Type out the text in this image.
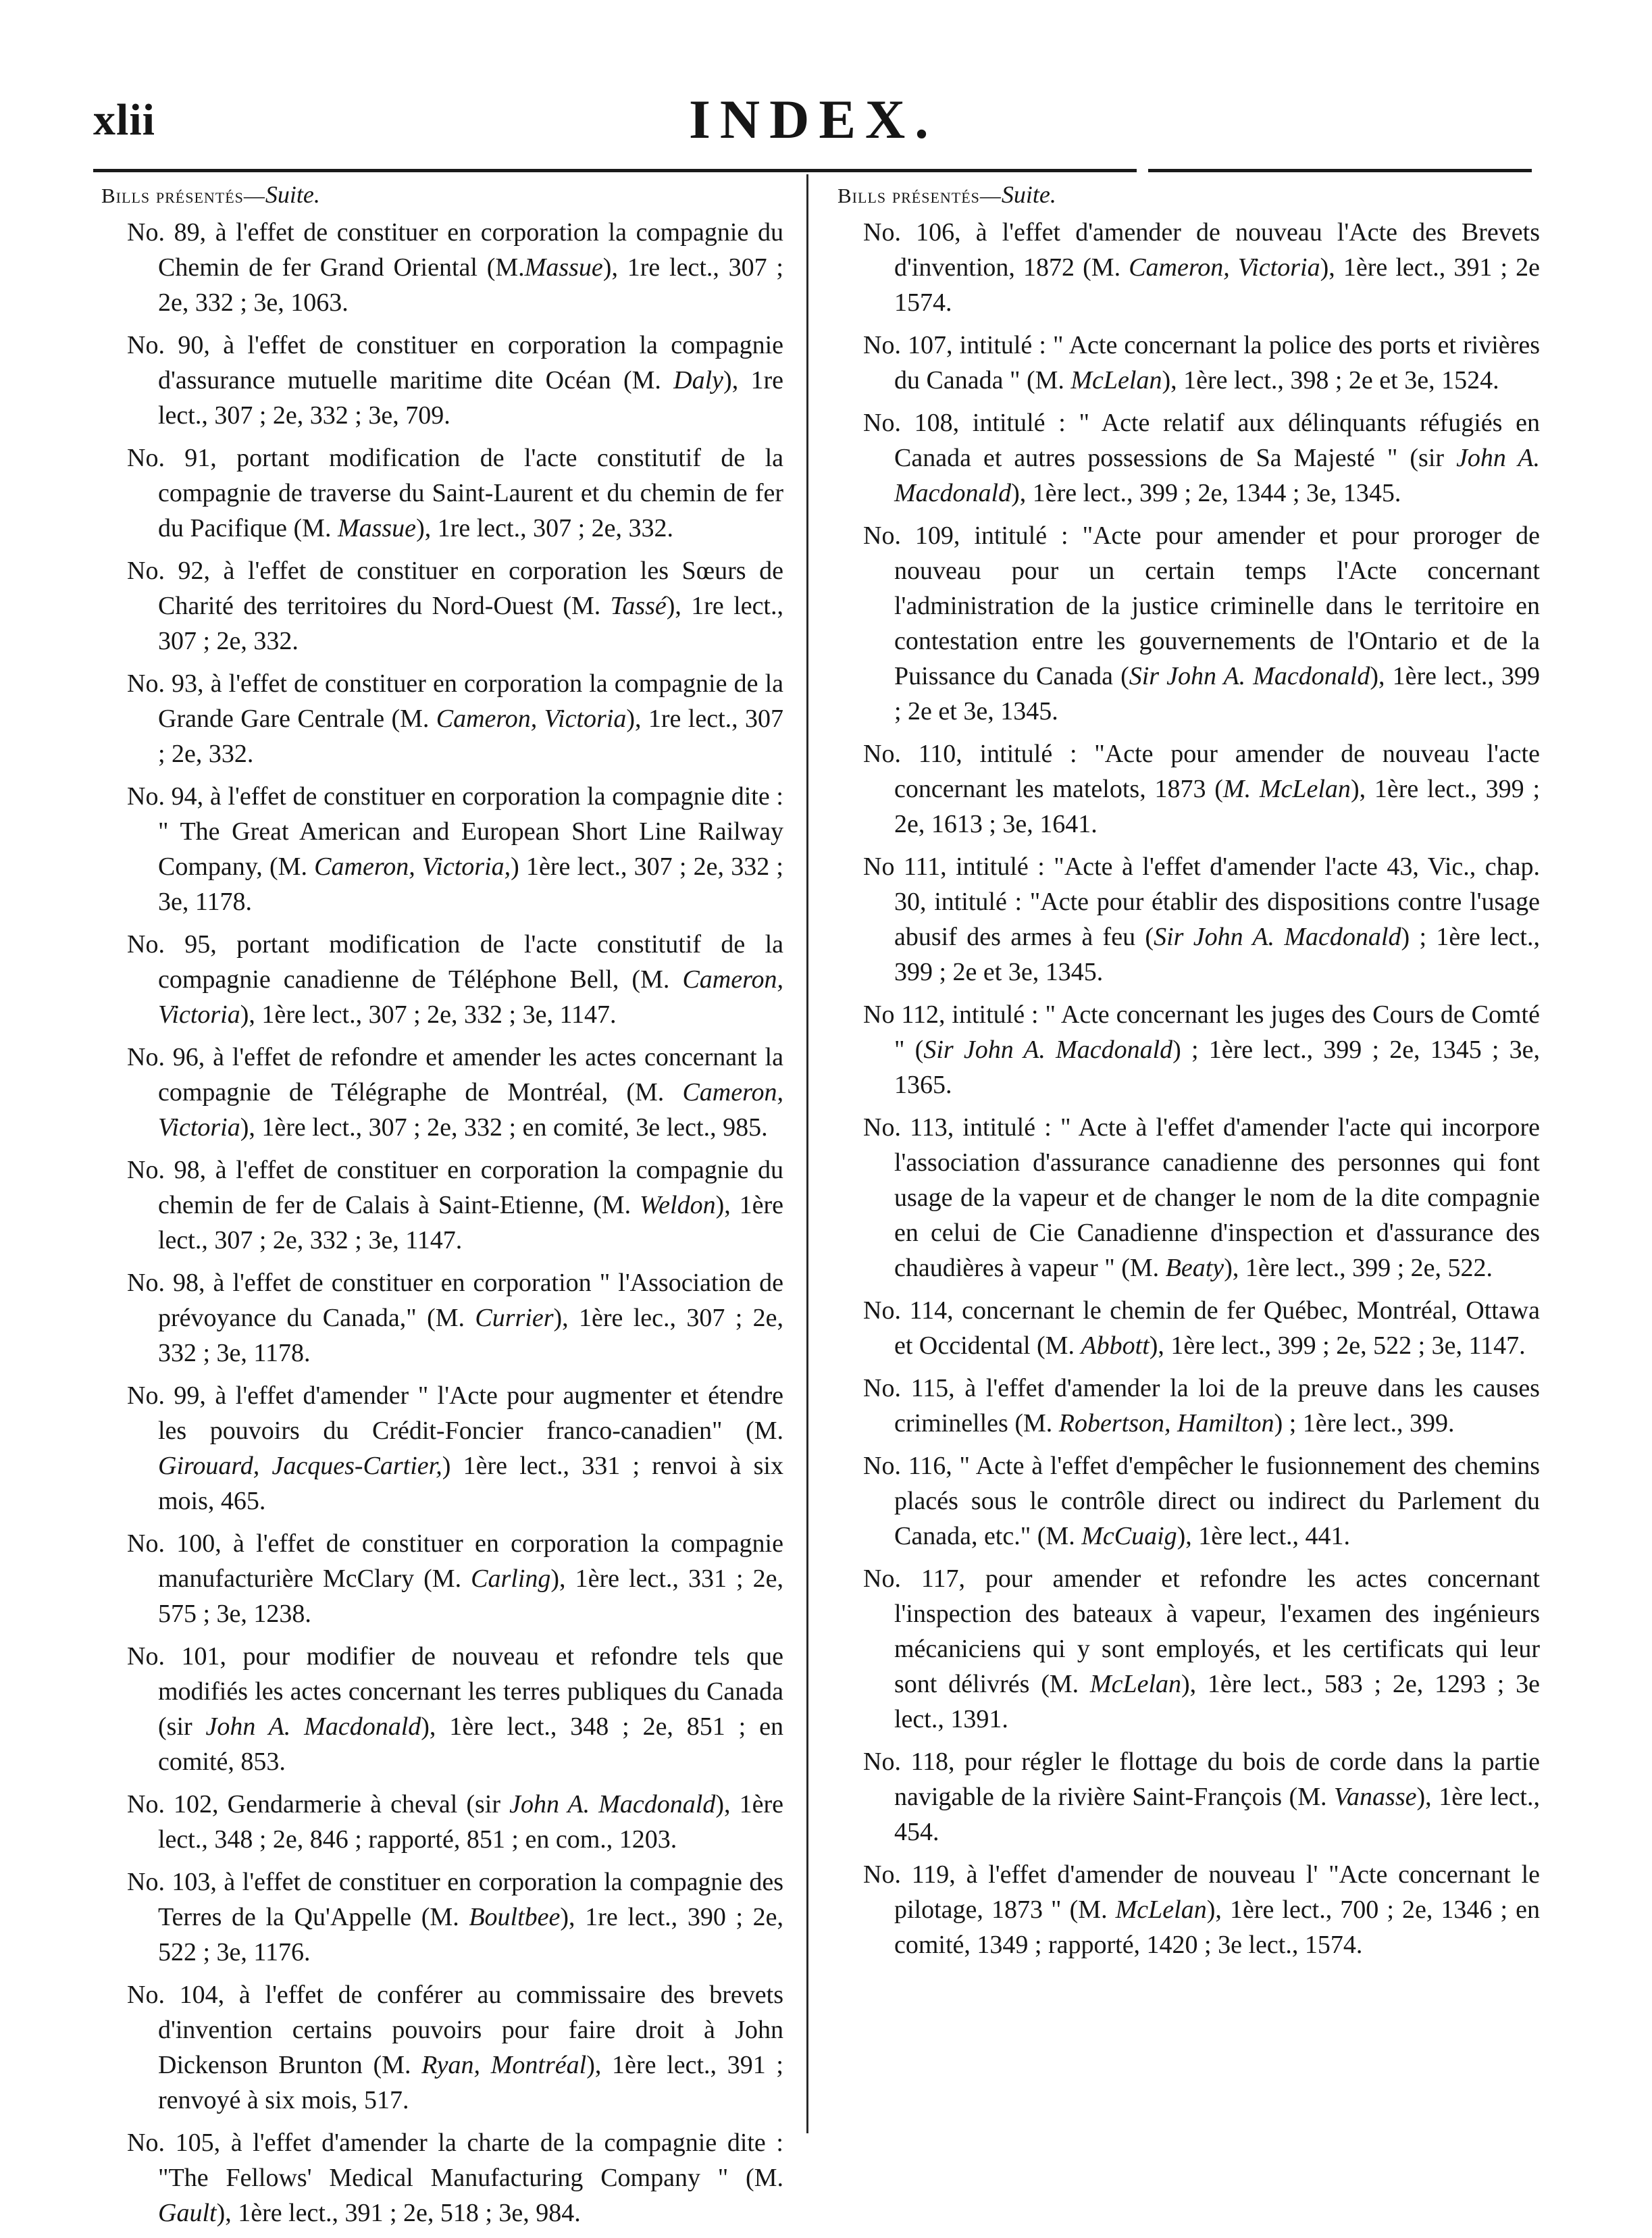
xlii	INDEX.
Bills présentés—Suite.

No. 89, à l'effet de constituer en corporation la compagnie du Chemin de fer Grand Oriental (M.Massue), 1re lect., 307 ; 2e, 332 ; 3e, 1063.

No. 90, à l'effet de constituer en corporation la compagnie d'assurance mutuelle maritime dite Océan (M. Daly), 1re lect., 307 ; 2e, 332 ; 3e, 709.

No. 91, portant modification de l'acte constitutif de la compagnie de traverse du Saint-Laurent et du chemin de fer du Pacifique (M. Massue), 1re lect., 307 ; 2e, 332.

No. 92, à l'effet de constituer en corporation les Sœurs de Charité des territoires du Nord-Ouest (M. Tassé), 1re lect., 307 ; 2e, 332.

No. 93, à l'effet de constituer en corporation la compagnie de la Grande Gare Centrale (M. Cameron, Victoria), 1re lect., 307 ; 2e, 332.

No. 94, à l'effet de constituer en corporation la compagnie dite : " The Great American and European Short Line Railway Company, (M. Cameron, Victoria,) 1ère lect., 307 ; 2e, 332 ; 3e, 1178.

No. 95, portant modification de l'acte constitutif de la compagnie canadienne de Téléphone Bell, (M. Cameron, Victoria), 1ère lect., 307 ; 2e, 332 ; 3e, 1147.

No. 96, à l'effet de refondre et amender les actes concernant la compagnie de Télégraphe de Montréal, (M. Cameron, Victoria), 1ère lect., 307 ; 2e, 332 ; en comité, 3e lect., 985.

No. 98, à l'effet de constituer en corporation la compagnie du chemin de fer de Calais à Saint-Etienne, (M. Weldon), 1ère lect., 307 ; 2e, 332 ; 3e, 1147.

No. 98, à l'effet de constituer en corporation " l'Association de prévoyance du Canada," (M. Currier), 1ère lec., 307 ; 2e, 332 ; 3e, 1178.

No. 99, à l'effet d'amender " l'Acte pour augmenter et étendre les pouvoirs du Crédit-Foncier franco-canadien" (M. Girouard, Jacques-Cartier,) 1ère lect., 331 ; renvoi à six mois, 465.

No. 100, à l'effet de constituer en corporation la compagnie manufacturière McClary (M. Carling), 1ère lect., 331 ; 2e, 575 ; 3e, 1238.

No. 101, pour modifier de nouveau et refondre tels que modifiés les actes concernant les terres publiques du Canada (sir John A. Macdonald), 1ère lect., 348 ; 2e, 851 ; en comité, 853.

No. 102, Gendarmerie à cheval (sir John A. Macdonald), 1ère lect., 348 ; 2e, 846 ; rapporté, 851 ; en com., 1203.

No. 103, à l'effet de constituer en corporation la compagnie des Terres de la Qu'Appelle (M. Boultbee), 1re lect., 390 ; 2e, 522 ; 3e, 1176.

No. 104, à l'effet de conférer au commissaire des brevets d'invention certains pouvoirs pour faire droit à John Dickenson Brunton (M. Ryan, Montréal), 1ère lect., 391 ; renvoyé à six mois, 517.

No. 105, à l'effet d'amender la charte de la compagnie dite : "The Fellows' Medical Manufacturing Company " (M. Gault), 1ère lect., 391 ; 2e, 518 ; 3e, 984.

Bills présentés—Suite.

No. 106, à l'effet d'amender de nouveau l'Acte des Brevets d'invention, 1872 (M. Cameron, Victoria), 1ère lect., 391 ; 2e 1574.

No. 107, intitulé : " Acte concernant la police des ports et rivières du Canada " (M. McLelan), 1ère lect., 398 ; 2e et 3e, 1524.

No. 108, intitulé : " Acte relatif aux délinquants réfugiés en Canada et autres possessions de Sa Majesté " (sir John A. Macdonald), 1ère lect., 399 ; 2e, 1344 ; 3e, 1345.

No. 109, intitulé : "Acte pour amender et pour proroger de nouveau pour un certain temps l'Acte concernant l'administration de la justice criminelle dans le territoire en contestation entre les gouvernements de l'Ontario et de la Puissance du Canada (Sir John A. Macdonald), 1ère lect., 399 ; 2e et 3e, 1345.

No. 110, intitulé : "Acte pour amender de nouveau l'acte concernant les matelots, 1873 (M. McLelan), 1ère lect., 399 ; 2e, 1613 ; 3e, 1641.

No 111, intitulé : "Acte à l'effet d'amender l'acte 43, Vic., chap. 30, intitulé : "Acte pour établir des dispositions contre l'usage abusif des armes à feu (Sir John A. Macdonald) ; 1ère lect., 399 ; 2e et 3e, 1345.

No 112, intitulé : " Acte concernant les juges des Cours de Comté " (Sir John A. Macdonald) ; 1ère lect., 399 ; 2e, 1345 ; 3e, 1365.

No. 113, intitulé : " Acte à l'effet d'amender l'acte qui incorpore l'association d'assurance canadienne des personnes qui font usage de la vapeur et de changer le nom de la dite compagnie en celui de Cie Canadienne d'inspection et d'assurance des chaudières à vapeur " (M. Beaty), 1ère lect., 399 ; 2e, 522.

No. 114, concernant le chemin de fer Québec, Montréal, Ottawa et Occidental (M. Abbott), 1ère lect., 399 ; 2e, 522 ; 3e, 1147.

No. 115, à l'effet d'amender la loi de la preuve dans les causes criminelles (M. Robertson, Hamilton) ; 1ère lect., 399.

No. 116, " Acte à l'effet d'empêcher le fusionnement des chemins placés sous le contrôle direct ou indirect du Parlement du Canada, etc." (M. McCuaig), 1ère lect., 441.

No. 117, pour amender et refondre les actes concernant l'inspection des bateaux à vapeur, l'examen des ingénieurs mécaniciens qui y sont employés, et les certificats qui leur sont délivrés (M. McLelan), 1ère lect., 583 ; 2e, 1293 ; 3e lect., 1391.

No. 118, pour régler le flottage du bois de corde dans la partie navigable de la rivière Saint-François (M. Vanasse), 1ère lect., 454.

No. 119, à l'effet d'amender de nouveau l' "Acte concernant le pilotage, 1873 " (M. McLelan), 1ère lect., 700 ; 2e, 1346 ; en comité, 1349 ; rapporté, 1420 ; 3e lect., 1574.
